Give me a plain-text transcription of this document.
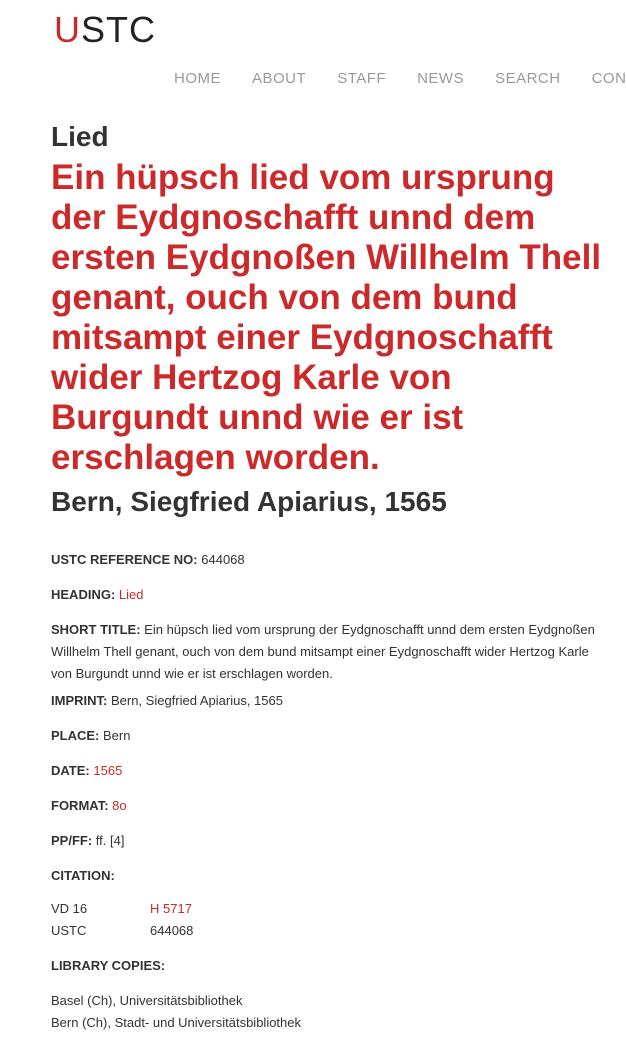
USTC
HOME ABOUT STAFF NEWS SEARCH CON
Lied
Ein hüpsch lied vom ursprung der Eydgnoschafft unnd dem ersten Eydgnoßen Willhelm Thell genant, ouch von dem bund mitsampt einer Eydgnoschafft wider Hertzog Karle von Burgundt unnd wie er ist erschlagen worden.
Bern, Siegfried Apiarius, 1565
USTC REFERENCE NO: 644068
HEADING: Lied
SHORT TITLE: Ein hüpsch lied vom ursprung der Eydgnoschafft unnd dem ersten Eydgnoßen Willhelm Thell genant, ouch von dem bund mitsampt einer Eydgnoschafft wider Hertzog Karle von Burgundt unnd wie er ist erschlagen worden.
IMPRINT: Bern, Siegfried Apiarius, 1565
PLACE: Bern
DATE: 1565
FORMAT: 8o
PP/FF: ff. [4]
CITATION:
VD 16	H 5717
USTC	644068
LIBRARY COPIES:
Basel (Ch), Universitätsbibliothek
Bern (Ch), Stadt- und Universitätsbibliothek
